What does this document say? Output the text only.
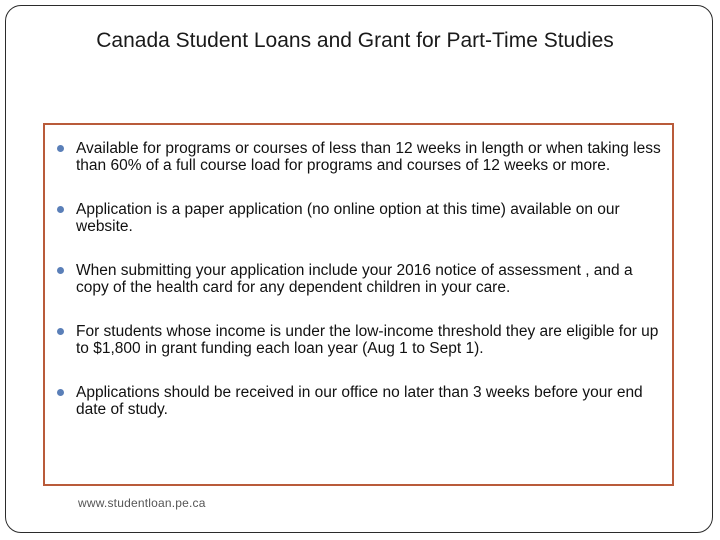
Canada Student Loans and Grant for Part-Time Studies
Available for programs or courses of less than 12 weeks in length or when taking less than 60% of a full course load for programs and courses of 12 weeks or more.
Application is a paper application (no online option at this time) available on our website.
When submitting your application include your 2016 notice of assessment , and a copy of the health card for any dependent children in your care.
For students whose income is under the low-income threshold they are eligible for up to $1,800 in grant funding each loan year (Aug 1 to Sept 1).
Applications should be received in our office no later than 3 weeks before your end date of study.
www.studentloan.pe.ca
